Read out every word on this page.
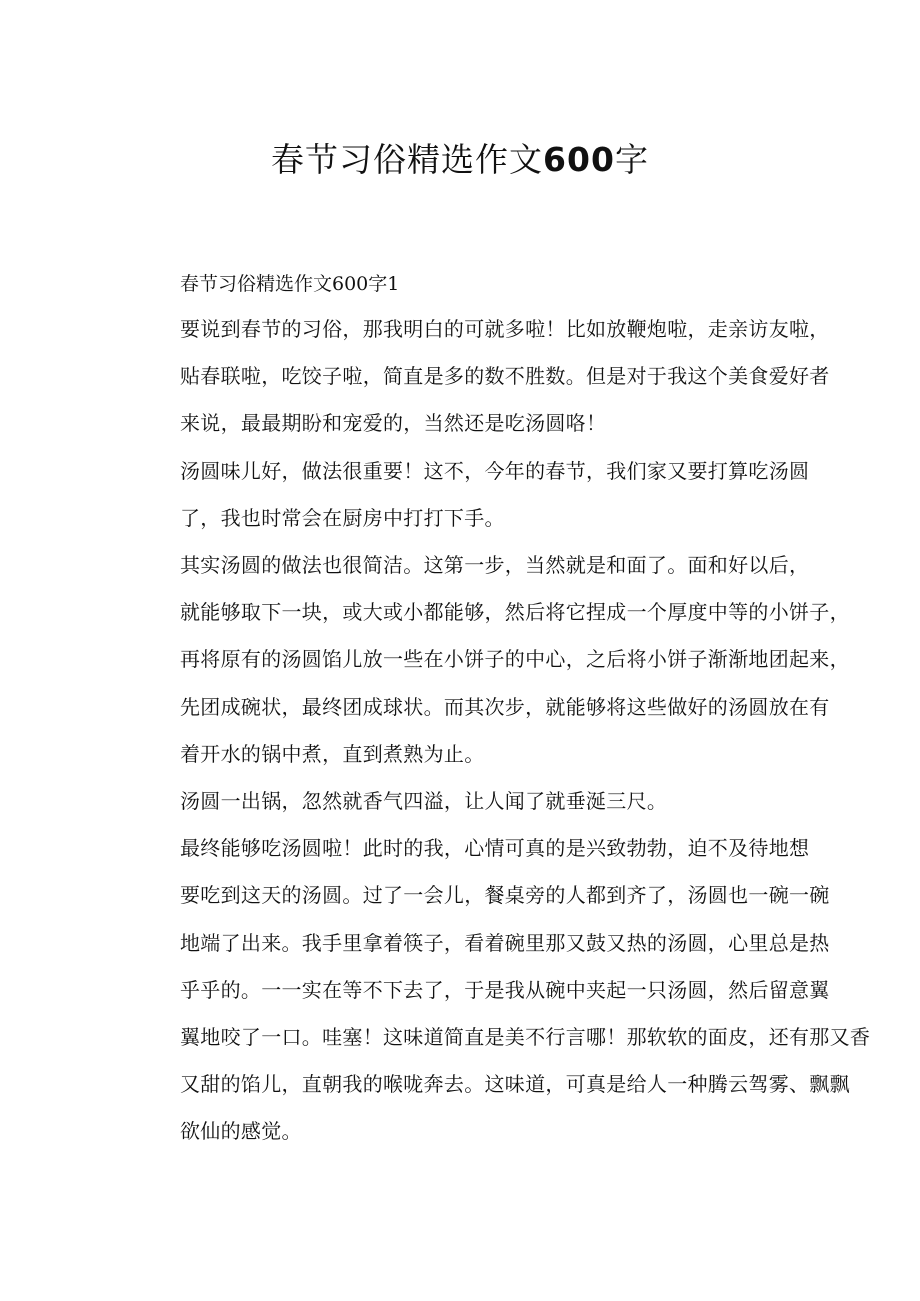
春节习俗精选作文600字

春节习俗精选作文600字1

要说到春节的习俗，那我明白的可就多啦！比如放鞭炮啦，走亲访友啦，
贴春联啦，吃饺子啦，简直是多的数不胜数。但是对于我这个美食爱好者
来说，最最期盼和宠爱的，当然还是吃汤圆咯！

汤圆味儿好，做法很重要！这不，今年的春节，我们家又要打算吃汤圆
了，我也时常会在厨房中打打下手。

其实汤圆的做法也很简洁。这第一步，当然就是和面了。面和好以后，
就能够取下一块，或大或小都能够，然后将它捏成一个厚度中等的小饼子，
再将原有的汤圆馅儿放一些在小饼子的中心，之后将小饼子渐渐地团起来，
先团成碗状，最终团成球状。而其次步，就能够将这些做好的汤圆放在有
着开水的锅中煮，直到煮熟为止。

汤圆一出锅，忽然就香气四溢，让人闻了就垂涎三尺。

最终能够吃汤圆啦！此时的我，心情可真的是兴致勃勃，迫不及待地想
要吃到这天的汤圆。过了一会儿，餐桌旁的人都到齐了，汤圆也一碗一碗
地端了出来。我手里拿着筷子，看着碗里那又鼓又热的汤圆，心里总是热
乎乎的。一一实在等不下去了，于是我从碗中夹起一只汤圆，然后留意翼
翼地咬了一口。哇塞！这味道简直是美不行言哪！那软软的面皮，还有那又香
又甜的馅儿，直朝我的喉咙奔去。这味道，可真是给人一种腾云驾雾、飘飘
欲仙的感觉。
